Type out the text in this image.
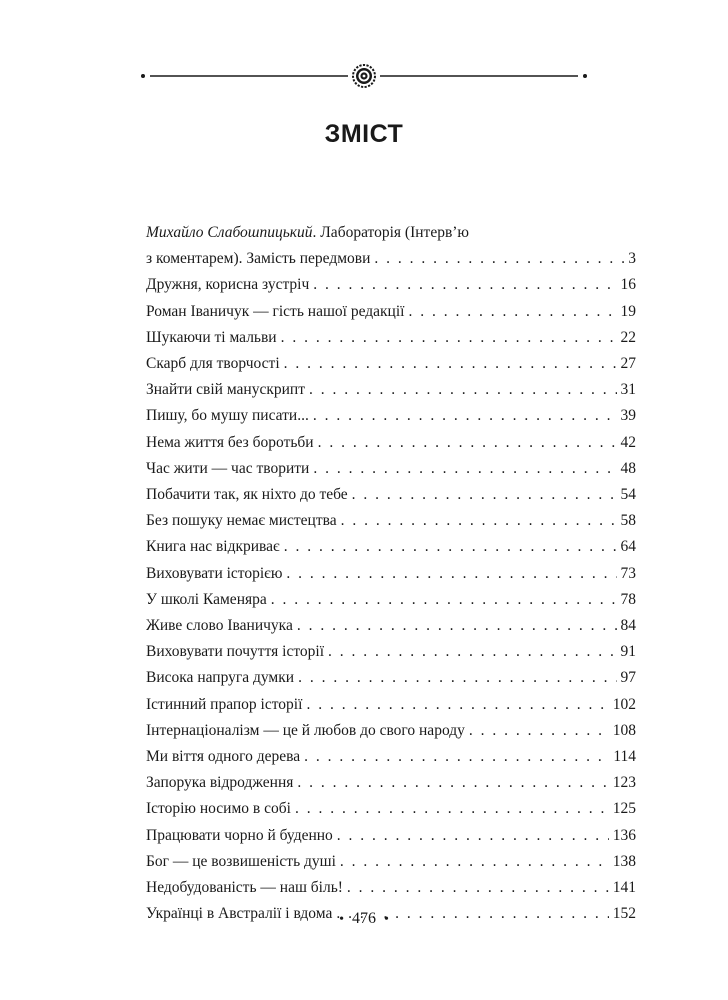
ЗМІСТ
Михайло Слабошпицький. Лабораторія (Інтерв’ю
з коментарем). Замість передмови . . .	3
Дружня, корисна зустріч . . .	16
Роман Іваничук — гість нашої редакції . . .	19
Шукаючи ті мальви . . .	22
Скарб для творчості . . .	27
Знайти свій манускрипт . . .	31
Пишу, бо мушу писати... . . .	39
Нема життя без боротьби . . .	42
Час жити — час творити . . .	48
Побачити так, як ніхто до тебе . . .	54
Без пошуку немає мистецтва . . .	58
Книга нас відкриває . . .	64
Виховувати історією . . .	73
У школі Каменяра . . .	78
Живе слово Іваничука . . .	84
Виховувати почуття історії . . .	91
Висока напруга думки . . .	97
Істинний прапор історії . . .	102
Інтернаціоналізм — це й любов до свого народу . . .	108
Ми віття одного дерева . . .	114
Запорука відродження . . .	123
Історію носимо в собі . . .	125
Працювати чорно й буденно . . .	136
Бог — це возвишеність душі . . .	138
Недобудованість — наш біль! . . .	141
Українці в Австралії і вдома . . .	152
• 476 •
